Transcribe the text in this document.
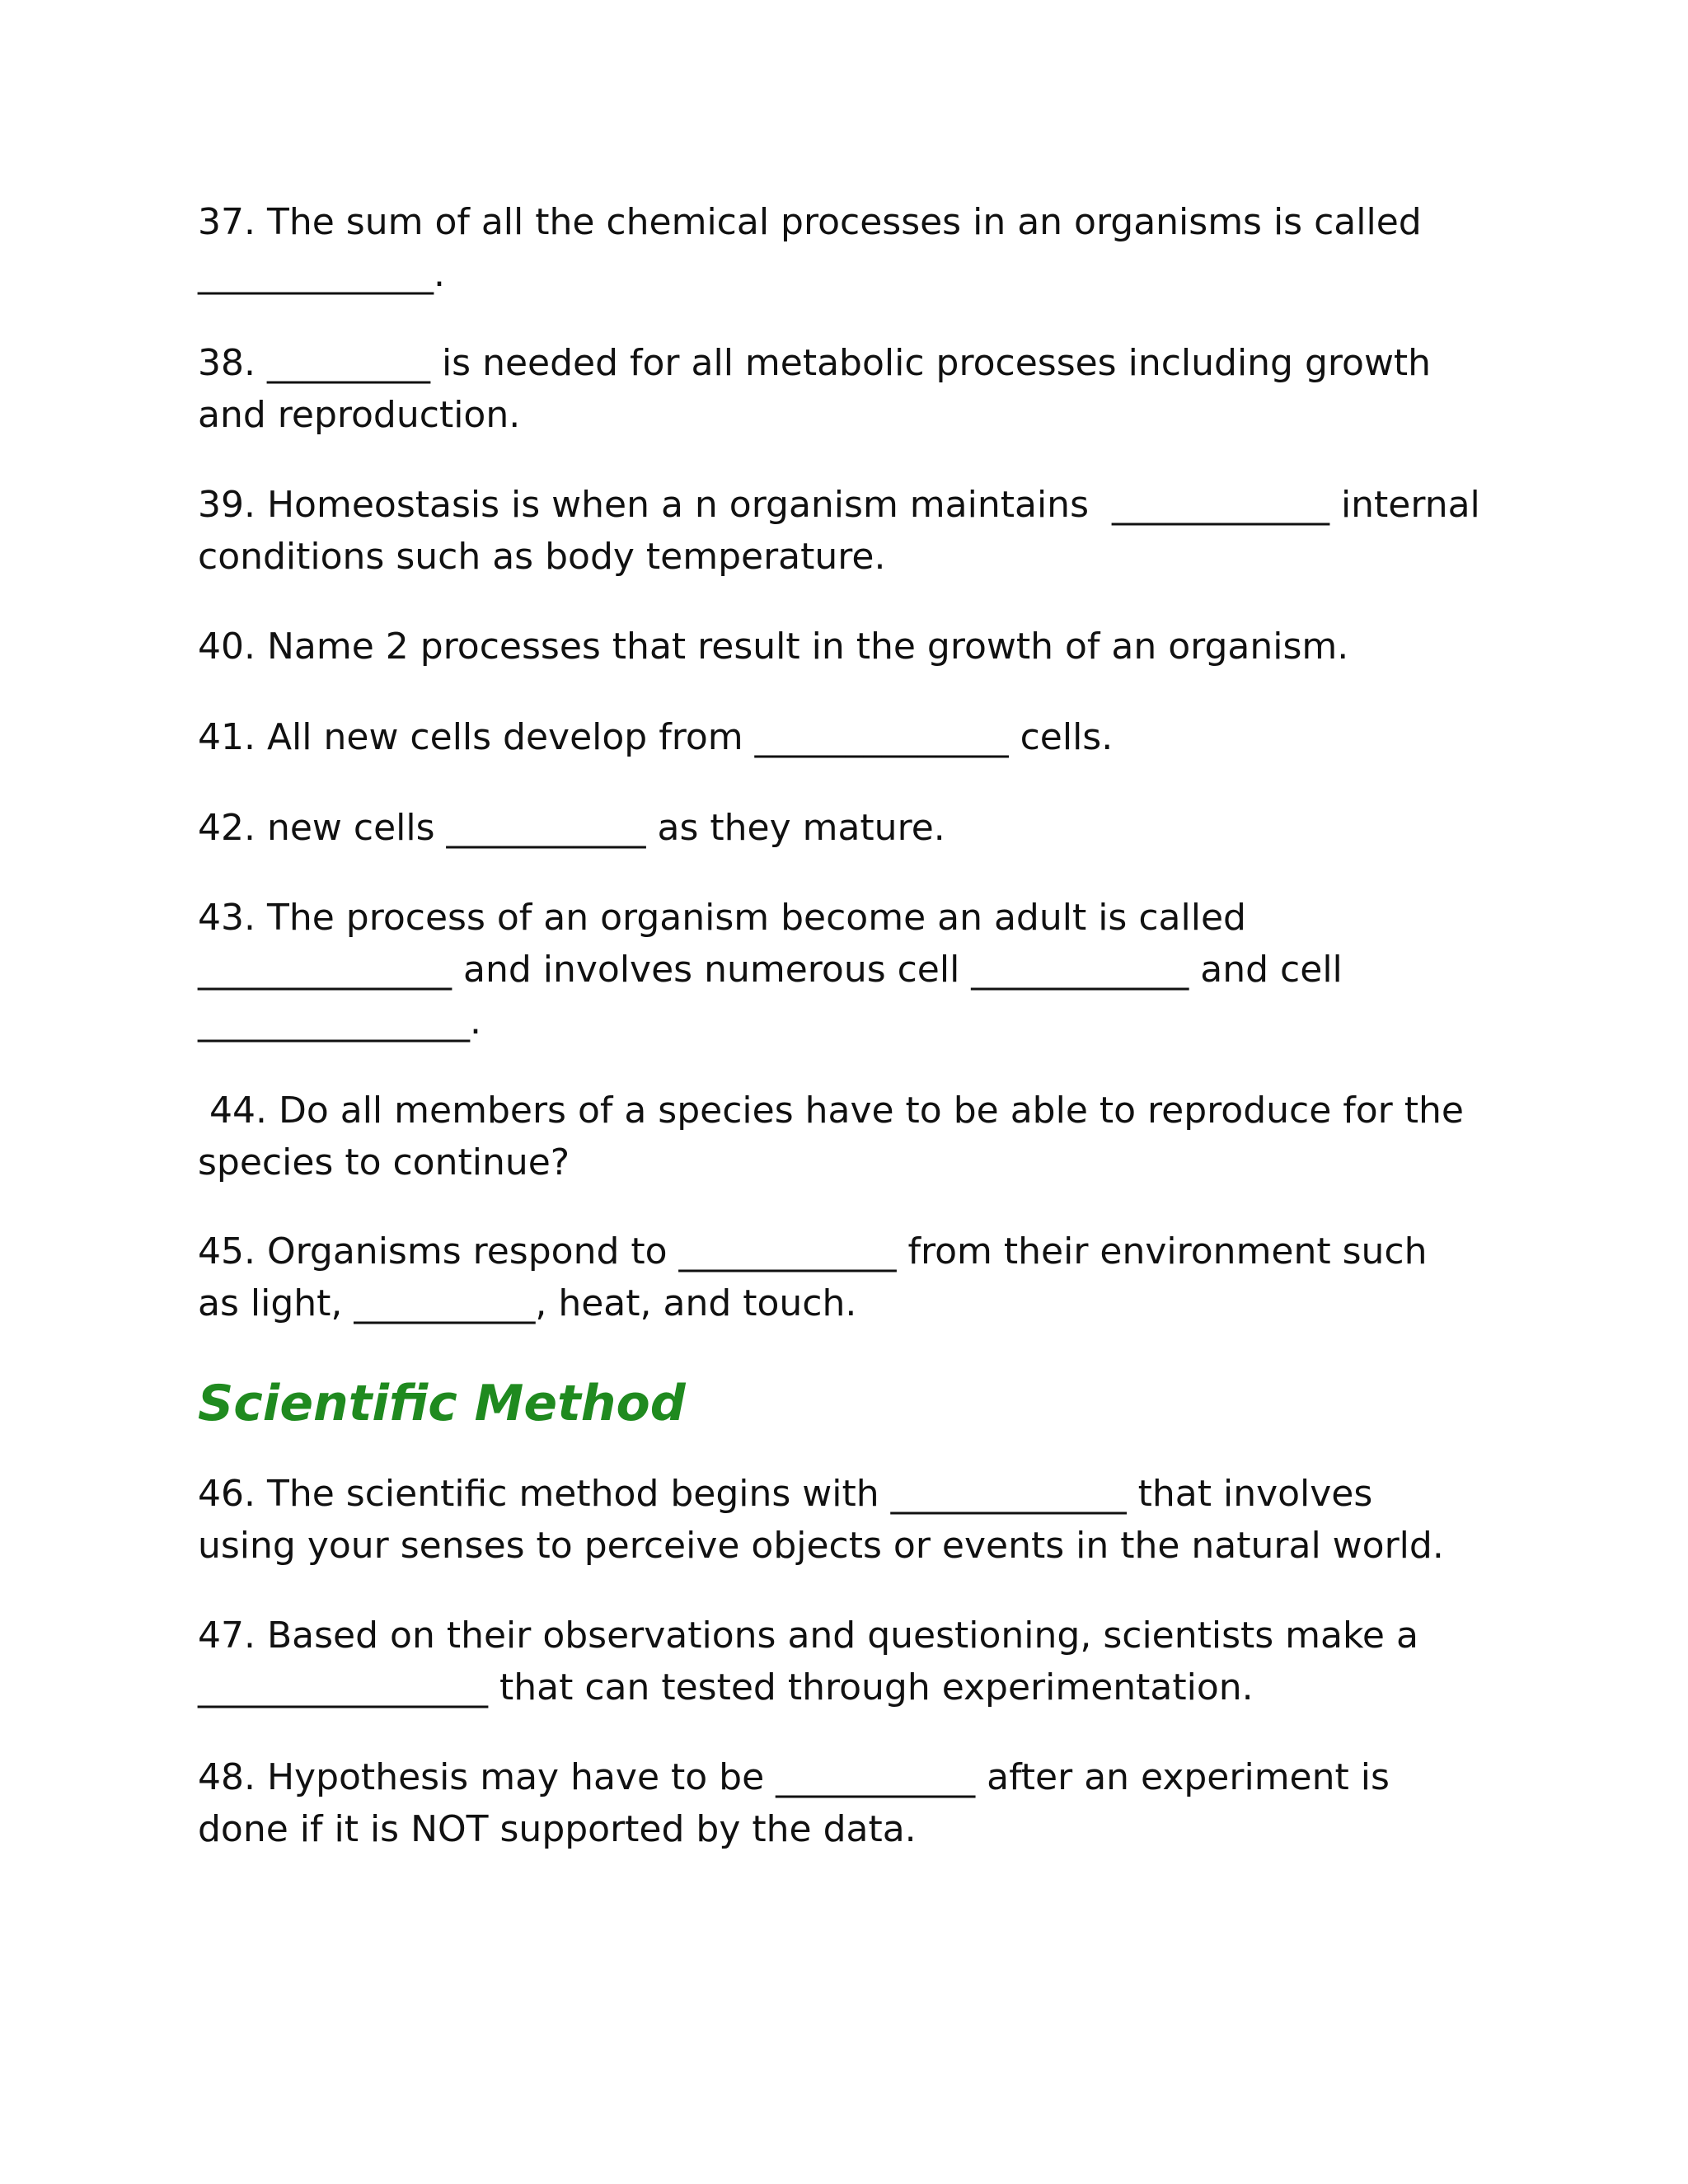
37. The sum of all the chemical processes in an organisms is called
_____________.

38. _________ is needed for all metabolic processes including growth
and reproduction.

39. Homeostasis is when a n organism maintains  ____________ internal
conditions such as body temperature.

40. Name 2 processes that result in the growth of an organism.

41. All new cells develop from ______________ cells.

42. new cells ___________ as they mature.

43. The process of an organism become an adult is called
______________ and involves numerous cell ____________ and cell
_______________.

44. Do all members of a species have to be able to reproduce for the
species to continue?

45. Organisms respond to ____________ from their environment such
as light, __________, heat, and touch.

Scientific Method

46. The scientific method begins with _____________ that involves
using your senses to perceive objects or events in the natural world.

47. Based on their observations and questioning, scientists make a
________________ that can tested through experimentation.

48. Hypothesis may have to be ___________ after an experiment is
done if it is NOT supported by the data.
